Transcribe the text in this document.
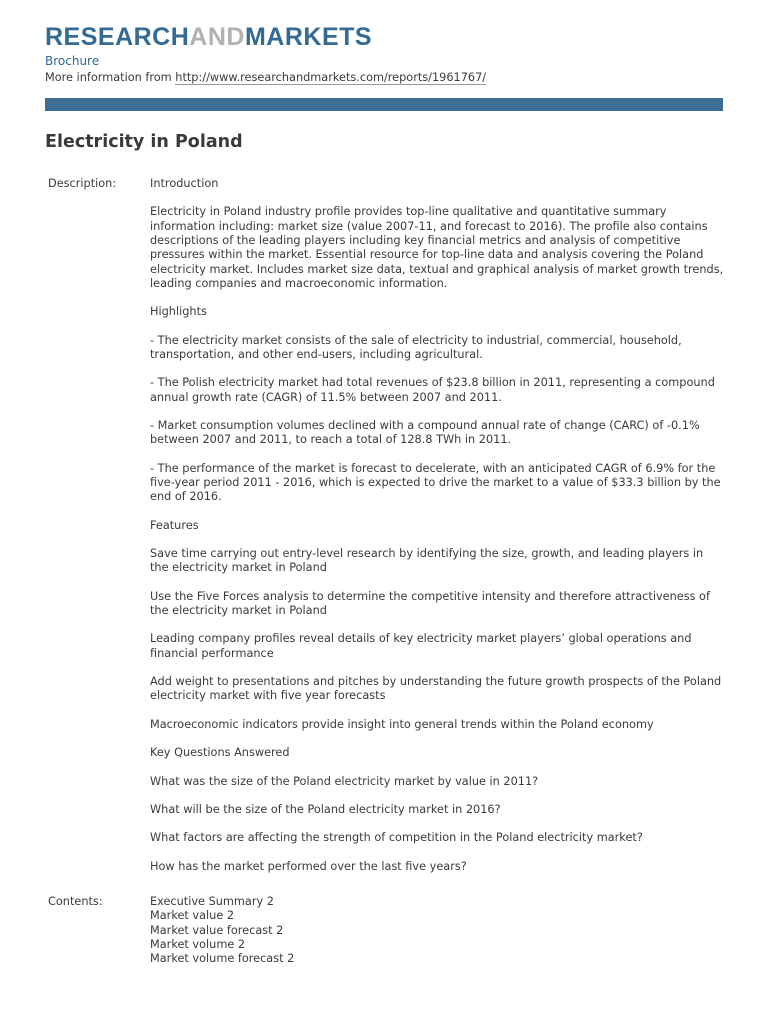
RESEARCHANDMARKETS
Brochure
More information from http://www.researchandmarkets.com/reports/1961767/
Electricity in Poland
Description:	Introduction

Electricity in Poland industry profile provides top-line qualitative and quantitative summary information including: market size (value 2007-11, and forecast to 2016). The profile also contains descriptions of the leading players including key financial metrics and analysis of competitive pressures within the market. Essential resource for top-line data and analysis covering the Poland electricity market. Includes market size data, textual and graphical analysis of market growth trends, leading companies and macroeconomic information.

Highlights

- The electricity market consists of the sale of electricity to industrial, commercial, household, transportation, and other end-users, including agricultural.

- The Polish electricity market had total revenues of $23.8 billion in 2011, representing a compound annual growth rate (CAGR) of 11.5% between 2007 and 2011.

- Market consumption volumes declined with a compound annual rate of change (CARC) of -0.1% between 2007 and 2011, to reach a total of 128.8 TWh in 2011.

- The performance of the market is forecast to decelerate, with an anticipated CAGR of 6.9% for the five-year period 2011 - 2016, which is expected to drive the market to a value of $33.3 billion by the end of 2016.

Features

Save time carrying out entry-level research by identifying the size, growth, and leading players in the electricity market in Poland

Use the Five Forces analysis to determine the competitive intensity and therefore attractiveness of the electricity market in Poland

Leading company profiles reveal details of key electricity market players’ global operations and financial performance

Add weight to presentations and pitches by understanding the future growth prospects of the Poland electricity market with five year forecasts

Macroeconomic indicators provide insight into general trends within the Poland economy

Key Questions Answered

What was the size of the Poland electricity market by value in 2011?

What will be the size of the Poland electricity market in 2016?

What factors are affecting the strength of competition in the Poland electricity market?

How has the market performed over the last five years?

Contents:	Executive Summary 2
Market value 2
Market value forecast 2
Market volume 2
Market volume forecast 2
